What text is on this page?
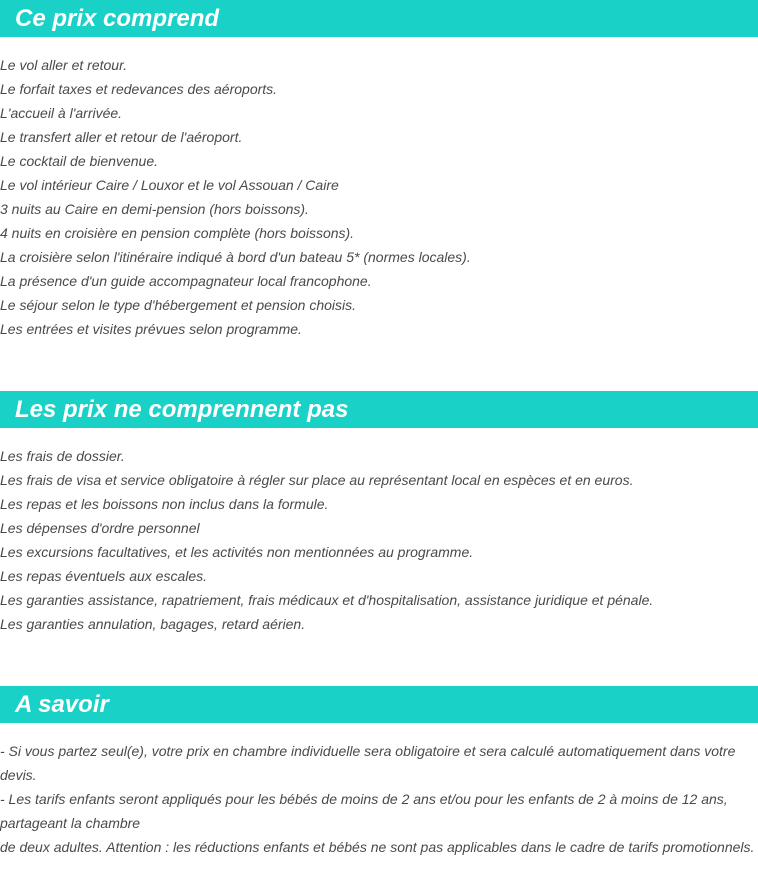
Ce prix comprend
Le vol aller et retour.
Le forfait taxes et redevances des aéroports.
L'accueil à l'arrivée.
Le transfert aller et retour de l'aéroport.
Le cocktail de bienvenue.
Le vol intérieur Caire / Louxor et le vol Assouan / Caire
3 nuits au Caire en demi-pension (hors boissons).
4 nuits en croisière en pension complète (hors boissons).
La croisière selon l'itinéraire indiqué à bord d'un bateau 5* (normes locales).
La présence d'un guide accompagnateur local francophone.
Le séjour selon le type d'hébergement et pension choisis.
Les entrées et visites prévues selon programme.
Les prix ne comprennent pas
Les frais de dossier.
Les frais de visa et service obligatoire à régler sur place au représentant local en espèces et en euros.
Les repas et les boissons non inclus dans la formule.
Les dépenses d'ordre personnel
Les excursions facultatives, et les activités non mentionnées au programme.
Les repas éventuels aux escales.
Les garanties assistance, rapatriement, frais médicaux et d'hospitalisation, assistance juridique et pénale.
Les garanties annulation, bagages, retard aérien.
A savoir

- Si vous partez seul(e), votre prix en chambre individuelle sera obligatoire et sera calculé automatiquement dans votre devis.

- Les tarifs enfants seront appliqués pour les bébés de moins de 2 ans et/ou pour les enfants de 2 à moins de 12 ans, partageant la chambre

de deux adultes. Attention : les réductions enfants et bébés ne sont pas applicables dans le cadre de tarifs promotionnels.
